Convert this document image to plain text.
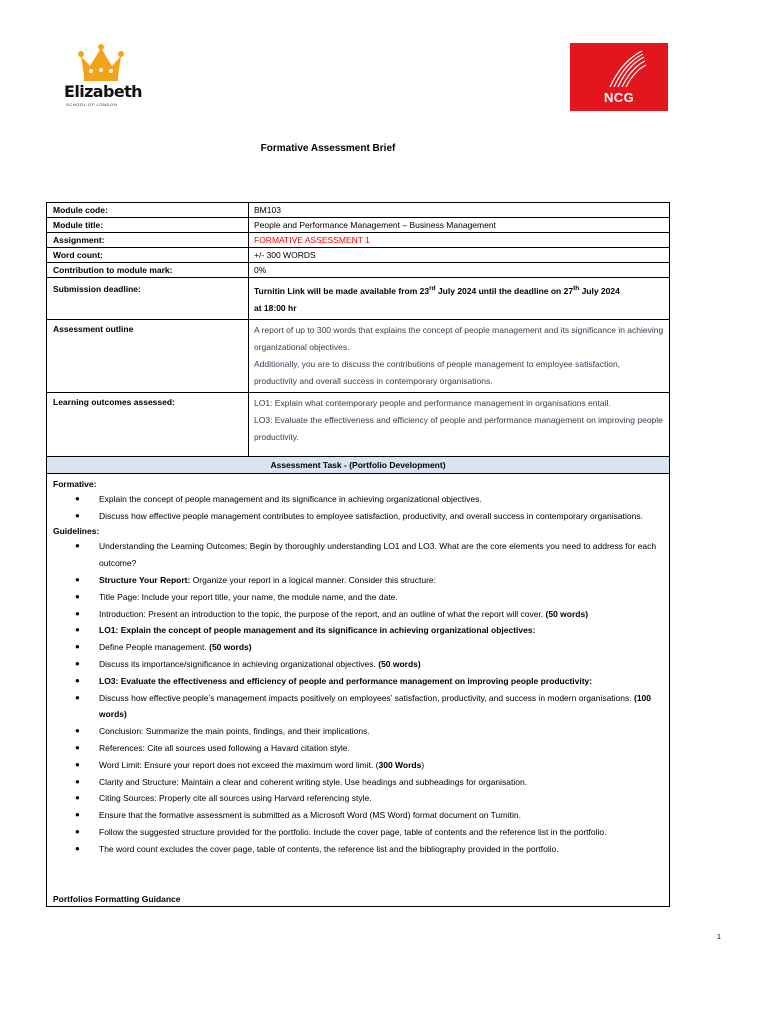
Elizabeth
SCHOOL OF LONDON	NCG
Formative Assessment Brief
Module code:	BM103
Module title:	People and Performance Management – Business Management
Assignment:	FORMATIVE ASSESSMENT 1
Word count:	+/- 300 WORDS
Contribution to module mark:	0%
Submission deadline:	Turnitin Link will be made available from 23rd July 2024 until the deadline on 27th July 2024
at 18:00 hr
Assessment outline	A report of up to 300 words that explains the concept of people management and its significance in achieving organizational objectives.
Additionally, you are to discuss the contributions of people management to employee satisfaction, productivity and overall success in contemporary organisations.
Learning outcomes assessed:	LO1: Explain what contemporary people and performance management in organisations entail.
LO3: Evaluate the effectiveness and efficiency of people and performance management on improving people productivity.
Assessment Task - (Portfolio Development)
Formative:
● Explain the concept of people management and its significance in achieving organizational objectives.
● Discuss how effective people management contributes to employee satisfaction, productivity, and overall success in contemporary organisations.
Guidelines:
● Understanding the Learning Outcomes: Begin by thoroughly understanding LO1 and LO3. What are the core elements you need to address for each outcome?
● Structure Your Report: Organize your report in a logical manner. Consider this structure:
● Title Page: Include your report title, your name, the module name, and the date.
● Introduction: Present an introduction to the topic, the purpose of the report, and an outline of what the report will cover. (50 words)
● LO1: Explain the concept of people management and its significance in achieving organizational objectives:
● Define People management. (50 words)
● Discuss its importance/significance in achieving organizational objectives. (50 words)
● LO3: Evaluate the effectiveness and efficiency of people and performance management on improving people productivity:
● Discuss how effective people’s management impacts positively on employees’ satisfaction, productivity, and success in modern organisations. (100 words)
● Conclusion: Summarize the main points, findings, and their implications.
● References: Cite all sources used following a Havard citation style.
● Word Limit: Ensure your report does not exceed the maximum word limit. (300 Words)
● Clarity and Structure: Maintain a clear and coherent writing style. Use headings and subheadings for organisation.
● Citing Sources: Properly cite all sources using Harvard referencing style.
● Ensure that the formative assessment is submitted as a Microsoft Word (MS Word) format document on Turnitin.
● Follow the suggested structure provided for the portfolio. Include the cover page, table of contents and the reference list in the portfolio.
● The word count excludes the cover page, table of contents, the reference list and the bibliography provided in the portfolio.
Portfolios Formatting Guidance
1
